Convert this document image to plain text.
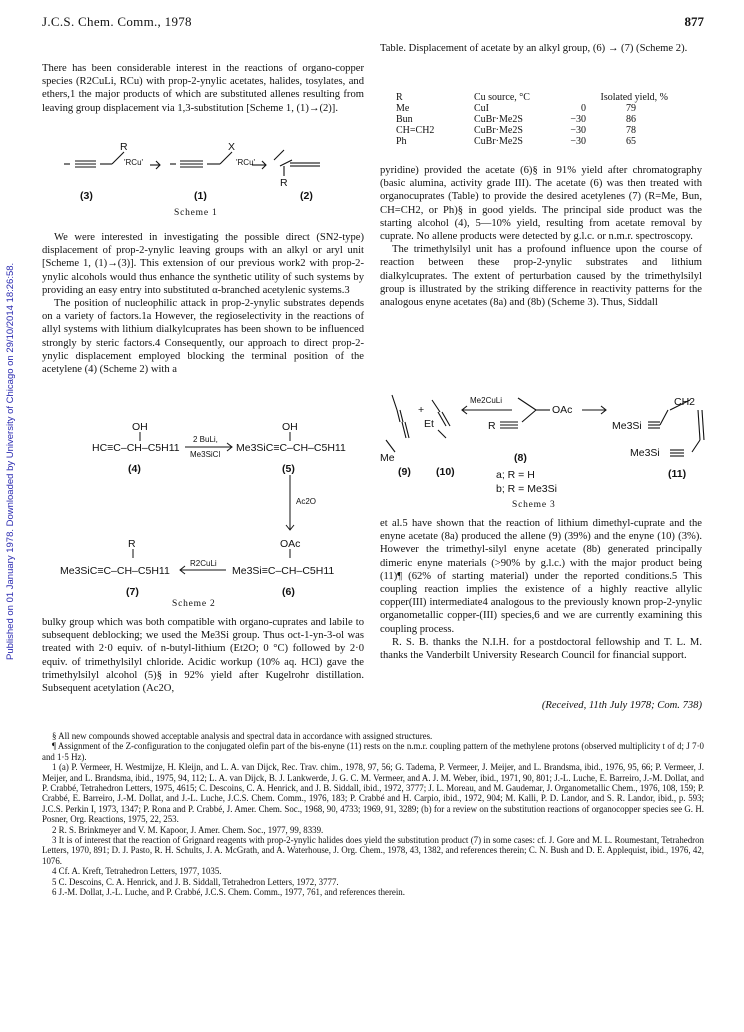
J.C.S. Chem. Comm., 1978	877
Published on 01 January 1978. Downloaded by University of Chicago on 29/10/2014 18:26:58.

There has been considerable interest in the reactions of organo-copper species (R2CuLi, RCu) with prop-2-ynylic acetates, halides, tosylates, and ethers,1 the major products of which are substituted allenes resulting from leaving group displacement via 1,3-substitution [Scheme 1, (1)→(2)].

R	X
'RCu'	'RCu'
R
(3)	(1)	(2)
Scheme 1

We were interested in investigating the possible direct (SN2-type) displacement of prop-2-ynylic leaving groups with an alkyl or aryl unit [Scheme 1, (1)→(3)]. This extension of our previous work2 with prop-2-ynylic alcohols would thus enhance the synthetic utility of such systems by providing an easy entry into substituted α-branched acetylenic systems.3

The position of nucleophilic attack in prop-2-ynylic substrates depends on a variety of factors.1a However, the regioselectivity in the reactions of allyl systems with lithium dialkylcuprates has been shown to be influenced strongly by steric factors.4 Consequently, our approach to direct prop-2-ynylic displacement employed blocking the terminal position of the acetylene (4) (Scheme 2) with a

OH	OH
HC≡C–CH–C5H11
2 BuLi,
Me3SiCl
Me3SiC≡C–CH–C5H11
(4)	(5)
Ac2O
R	OAc
Me3SiC≡C–CH–C5H11
R2CuLi
Me3Si≡C–CH–C5H11
(7)	(6)
Scheme 2

bulky group which was both compatible with organo-cuprates and labile to subsequent deblocking; we used the Me3Si group. Thus oct-1-yn-3-ol was treated with 2·0 equiv. of n-butyl-lithium (Et2O; 0 °C) followed by 2·0 equiv. of trimethylsilyl chloride. Acidic workup (10% aq. HCl) gave the trimethylsilyl alcohol (5)§ in 92% yield after Kugelrohr distillation. Subsequent acetylation (Ac2O,

Table. Displacement of acetate by an alkyl group, (6) → (7) (Scheme 2).
R	Cu source, °C		Isolated yield, %
Me	CuI	0	79
Bun	CuBr·Me2S	−30	86
CH=CH2	CuBr·Me2S	−30	78
Ph	CuBr·Me2S	−30	65

pyridine) provided the acetate (6)§ in 91% yield after chromatography (basic alumina, activity grade III). The acetate (6) was then treated with organocuprates (Table) to provide the desired acetylenes (7) (R=Me, Bun, CH=CH2, or Ph)§ in good yields. The principal side product was the starting alcohol (4), 5—10% yield, resulting from acetate removal by cuprate. No allene products were detected by g.l.c. or n.m.r. spectroscopy.

The trimethylsilyl unit has a profound influence upon the course of reaction between these prop-2-ynylic substrates and lithium dialkylcuprates. The extent of perturbation caused by the trimethylsilyl group is illustrated by the striking difference in reactivity patterns for the analogous enyne acetates (8a) and (8b) (Scheme 3). Thus, Siddall

Me
+
Et
Me2CuLi
R
OAc
Me3Si
CH2
Me3Si
(9) (10)
(8)
(11)
a; R = H
b; R = Me3Si
Scheme 3

et al.5 have shown that the reaction of lithium dimethyl-cuprate and the enyne acetate (8a) produced the allene (9) (39%) and the enyne (10) (3%). However the trimethyl-silyl enyne acetate (8b) generated principally dimeric enyne materials (>90% by g.l.c.) with the major product being (11)¶ (62% of starting material) under the reported conditions.5 This coupling reaction implies the existence of a highly reactive allylic copper(III) intermediate4 analogous to the previously known prop-2-ynylic organometallic copper-(III) species,6 and we are currently examining this coupling process.

R. S. B. thanks the N.I.H. for a postdoctoral fellowship and T. L. M. thanks the Vanderbilt University Research Council for financial support.

(Received, 11th July 1978; Com. 738)
§ All new compounds showed acceptable analysis and spectral data in accordance with assigned structures.
¶ Assignment of the Z-configuration to the conjugated olefin part of the bis-enyne (11) rests on the n.m.r. coupling pattern of the methylene protons (observed multiplicity t of d; J 7·0 and 1·5 Hz).
1 (a) P. Vermeer, H. Westmijze, H. Kleijn, and L. A. van Dijck, Rec. Trav. chim., 1978, 97, 56; G. Tadema, P. Vermeer, J. Meijer, and L. Brandsma, ibid., 1976, 95, 66; P. Vermeer, J. Meijer, and L. Brandsma, ibid., 1975, 94, 112; L. A. van Dijck, B. J. Lankwerde, J. G. C. M. Vermeer, and A. J. M. Weber, ibid., 1971, 90, 801; J.-L. Luche, E. Barreiro, J.-M. Dollat, and P. Crabbé, Tetrahedron Letters, 1975, 4615; C. Descoins, C. A. Henrick, and J. B. Siddall, ibid., 1972, 3777; J. L. Moreau, and M. Gaudemar, J. Organometallic Chem., 1976, 108, 159; P. Crabbé, E. Barreiro, J.-M. Dollat, and J.-L. Luche, J.C.S. Chem. Comm., 1976, 183; P. Crabbé and H. Carpio, ibid., 1972, 904; M. Kalli, P. D. Landor, and S. R. Landor, ibid., p. 593; J.C.S. Perkin I, 1973, 1347; P. Rona and P. Crabbé, J. Amer. Chem. Soc., 1968, 90, 4733; 1969, 91, 3289; (b) for a review on the substitution reactions of organocopper species see G. H. Posner, Org. Reactions, 1975, 22, 253.
2 R. S. Brinkmeyer and V. M. Kapoor, J. Amer. Chem. Soc., 1977, 99, 8339.
3 It is of interest that the reaction of Grignard reagents with prop-2-ynylic halides does yield the substitution product (7) in some cases: cf. J. Gore and M. L. Roumestant, Tetrahedron Letters, 1970, 891; D. J. Pasto, R. H. Schults, J. A. McGrath, and A. Waterhouse, J. Org. Chem., 1978, 43, 1382, and references therein; C. N. Bush and D. E. Applequist, ibid., 1976, 42, 1076.
4 Cf. A. Kreft, Tetrahedron Letters, 1977, 1035.
5 C. Descoins, C. A. Henrick, and J. B. Siddall, Tetrahedron Letters, 1972, 3777.
6 J.-M. Dollat, J.-L. Luche, and P. Crabbé, J.C.S. Chem. Comm., 1977, 761, and references therein.
